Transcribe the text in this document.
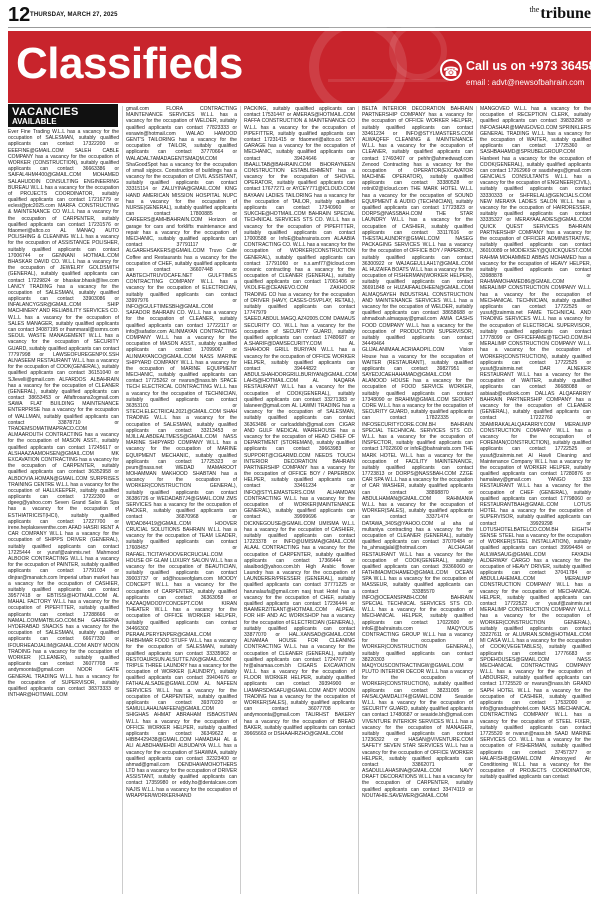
12 THURSDAY, MARCH 27, 2025
$^{the}$tribune
Classifieds	☎ Call us on +973 36458394
email : advt@newsofbahrain.com
VACANCIES
AVAILABLE

Ever Fine Trading W.L.L has a vacancy for the occupation of SALESMAN, suitably qualified applicants can contact 17322200 or EEEFINE@GMAIL.COM SALEH CABLE COMPANY has a vacancy for the occupation of WORKER (CONSTRUCTION), suitably qualified applicants can contact 36663386 or SAIFAL4HM4400@GMAIL.COM MOHAMED SALAHUDDIN CONSULTING ENGINEERING BUREAU W.L.L has a vacancy for the occupation of PROJECTS COORDINATOR, suitably qualified applicants can contact 17216779 or eclesi@ptc2025.com MARFA CONSTRUCTING & MAINTENANCE CO W.L.L has a vacancy for the occupation of CARPENTER, suitably qualified applicants can contact 17231576 or fdaomeri@altco.co AL MANAQ AUTO POLISHING & CLEANING W.L.L has a vacancy for the occupation of ASSISTANCE POLISHER, suitably qualified applicants can contact 17006744 or GENNANI HOTMAIL.COM BHASKAR DAVID CO. W.L.L has a vacancy for the occupation of JEWELRY GOLDSMITH (GENERAL), suitably qualified applicants can contact 17229824 or bhaskar.bhask@live.com LANCY TRADING has a vacancy for the occupation of SALESMAN, suitably qualified applicants can contact 33903086 or INFALANCYGSR@GMAIL.COM SHIP MACHINERY AND RELIABILITY SERVICES CO. W.L.L has a vacancy for the occupation of SALES MANAGER, suitably qualified applicants can contact 34087195 or ihammaral@ssmrs.com SEOUL WASTE MANAGEMENT W.L.L has a vacancy for the occupation of SECURITY GUARD, suitably qualified applicants can contact 77797998 or LAWSEOFUREGENPIX.SSH ALNASEEM RESTAURANT W.L.L has a vacancy for the occupation of COOK(GENERAL), suitably qualified applicants can contact 36151040 or SJlevelli@gmail.com ALFARDOS ALBAHRAIN has a vacancy for the occupation of CLEANER (GENERAL), suitably qualified applicants can contact 38653453 or Alfaftrosans2ogmail.com SAWA FLAT BUILDING MAINTENANCE ENTERPRISE has a vacancy for the occupation of WALLMAN, suitably qualified applicants can contact 33878710 or TRADEMSOMATIMAPRACO.COM ALMAAROUTH CONTRACTING has a vacancy for the occupation of MASON ASST., suitably qualified applicants can contact 17245617 or ALSHAAZAAMOHSEN@GMAIL.COM MK EXCAVATION CONTRACTING has a vacancy for the occupation of CARPENTER, suitably qualified applicants can contact 36352958 or ALBDOVIA.HOMAN@GMAIL.COM SURPRISES TRAINING CENTRE W.L.L has a vacancy for the occupation of HALLKEEPER, suitably qualified applicants can contact 17222300 or dgeeg@yahoo.com Seven Grand Salon & Spa has a vacancy for the occupation of ESTHIATRICIST(HCI), suitably qualified applicants can contact 17227700 or irene.heplakseventhe.com AFAD HASRI RENT A CAR COMPANY W.L.L has a vacancy for the occupation of SHIPPS DRIVER (GENERAL), suitably qualified applicants can contact 17225444 or yunsf@zainmis.net Mahmood ALBOOR CONTRACTING W.L.L has a vacancy for the occupation of PAINTER, suitably qualified applicants can contact 17791034 or dinjrar@manatch.com Imperial urban market has a vacancy for the occupation of CASHIER, suitably qualified applicants can contact 39577418 or EBTISSI@HOTMAIL.COM AL MAHAL FACTORY W.L.L has a vacancy for the occupation of PIPEFITTER, suitably qualified applicants can contact 17288666 or NAMAL.COMMATBLGO.COM.BH GAFEERNA HYDERABAD SNACKS has a vacancy for the occupation of SALESMAN, suitably qualified applicants can contact 66677330 or IFOURHEADJALIM@GMAIL.COM ANDY MOON TRADING has a vacancy for the occupation of WORKER (CLEANER), suitably qualified applicants can contact 36077708 or andymoonta@gmail.com NOOR GATE GENERAL TRADING W.L.L has a vacancy for the occupation of SUPERVISOR, suitably qualified applicants can contact 38373333 or INTHAR@HOTMAIL.COM

gmail.com FLORA CONTRACTING MAINTENANCE SERVICES W.L.L has a vacancy for the occupation of WELDER, suitably qualified applicants can contact 77823333 or esrawin@hotmail.com WALAD HAMOOD GENT'S TAILORING has a vacancy for the occupation of TAILOR, suitably qualified applicants can contact 37770664 or WALADAL7AMADAGENTSMAQM.COM ShaGoodSpot has a vacancy for the occupation of small sipjocs. Construction of buildings has a vacancy for the occupation of CIVIL ASSISTANT, suitably qualified applicants can contact 33315114 or ZALUYINA@GMAIL.COM KING HAND AMERICAN MISSION HOSPITAL NUPC has a vacancy for the occupation of NURSE(GENERAL), suitably qualified applicants can contact 17800885 or CAREERS@AMHBAHRAIN.COM Horizon oil garage for cars and forklifts maintenance and repair has a vacancy for the occupation of MECHANIC, suitably qualified applicants can contact 37791117 or ALGAREHSAKERS@GMAIL.COM Truvo Cafe Coffee and Restaurants has a vacancy for the occupation of CHEF, suitably qualified applicants can contact 36607448 or AABTECHTRUVOCAFE.NET GULFTIMES CONTRACTING COMPANY W.L.L has a vacancy for the occupation of ELECTRICIAN, suitably qualified applicants can contact 33997976 or INFO@GULFTIMESBH@GMAIL.COM SAFADOR BAHRAIN CO. W.L.L has a vacancy for the occupation of CLEANER, suitably qualified applicants can contact 17722117 or info@safador.com ALINMAYAN CONTRACTING COMPANY W.L.L has a vacancy for the occupation of MASON ASST., suitably qualified applicants can contact 17099067 or ALINMAYANCO@GMAIL.COM NASS MARINE SHIPYARD COMPANY W.L.L has a vacancy for the occupation of MARINE EQUIPMENT MECHANIC, suitably qualified applicants can contact 17725262 or nvarun@nass.bh SPACE TECH ELECTRICAL CONTRACTING W.L.L has a vacancy for the occupation of TECHNICIAN, suitably qualified applicants can contact 36353101 or STECH.ELECTRICAL2021@GMAIL.COM SHAH TRADING W.L.L has a vacancy for the occupation of SALESMAN, suitably qualified applicants can contact 33213453 or MJILLALABDEALTMESS@GMAIL.COM NASS MARINE SHIPYARD COMPANY W.L.L has a vacancy for the occupation of MARINE EQUIPMENT MECHANIC, suitably qualified applicants can contact 17725323 or pvum@nass.net WEDAD MAMAROOT MOHAMMAN MAKHOOD SHABTAN has a vacancy for the occupation of WORKER(CONSTRUCTION GENERAL), suitably qualified applicants can contact 36386726 or WEDADAB7J4@GMAIL.COM ZMS SERVICES has a vacancy for the occupation of PACKER, suitably qualified applicants can contact 36870968 or WIDAD84419@GMAIL.COM HOOVER CRUCIAL SOLUTIONS BAHRAIN W.L.L has a vacancy for the occupation of TEAM LEADER, suitably qualified applicants can contact 17608457 or RAFAEL.TICITAYHOOVERCRUCIAL.COM HOUSE OF GLAM LUXURY SALON W.L.L has a vacancy for the occupation of BEAUTICIAN, suitably qualified applicants can contact 39003737 or sd@houseofglam.com MOODY CONCEPT W.L.L has a vacancy for the occupation of CARPENTER, suitably qualified applicants can contact 36363058 or KAZAAQMOODYCONCEPT.COM KIRAN THEATER W.L.L has a vacancy for the occupation of OFFICE WORKER HELPER, suitably qualified applicants can contact 34466302 or PERAALPERYENPER@GMAIL.COM RHIBHMAR FOOD STUFF W.L.L has a vacancy for the occupation of SALESMAN, suitably qualified applicants can contact 33335962 or RESTOAURSUN.ALSUTTE.NX@GMAIL.COM TRIPLE THREE LAUNDRY has a vacancy for the occupation of WORKER (LAUNDRY), suitably qualified applicants can contact 39404676 or FATHALALSADE@GMAIL.COM AL NAFEEN SERVICES W.L.L has a vacancy for the occupation of CARPENTER, suitably qualified applicants can contact 39370220 or SAMULLAHALNAFEEN@GMAIL.COM SHIGHAS AHMAT ABRAHAM ISBAOSTIAN W.L.L has a vacancy for the occupation of OFFICE WORKER HELPER, suitably qualified applicants can contact 36349622 or HIBB4429438@GMAIL.COM HAMADAH AL & ALI ALABDHAMEHDI ALBUDAIYA W.L.L has a vacancy for the occupation of SHAWMA, suitably qualified applicants can contact 32323400 or ahmad@gmail.com DENDHAIAMOHOTHERS LTD has a vacancy for the occupation of DRIVER ASSISTANT, suitably qualified applicants can contact 17359980 or eddy.ho@dentalcare.com NAJIS W.L.L has a vacancy for the occupation of WRAPPER/WORKER/HAND

PACKING, suitably qualified applicants can contact 17531447 or AMERAS@HOTMAIL.COM RAFFA CONSTRUCTION & MAINTENANCE CO W.L.L has a vacancy for the occupation of PIPEFITTER, suitably qualified applicants can contact 17231415 or fdaomeri@altco.co SKY GARAGE has a vacancy for the occupation of MECHANIC, suitably qualified applicants can contact 39424646 or IBAALLTAB@BAHRAIN.COM BHORAYNEEN CONSTRUCTION ESTABLISHMENT has a vacancy for the occupation of SHOVEL OPERATOR, suitably qualified applicants can contact 17677271 or AYCEY771@ICLOUD.COM BAYAAN LADIES TAILORING has a vacancy for the occupation of TAILOR, suitably qualified applicants can contact 17340960 or SUKCHE@HOTMAIL.COM BAHRAIN SPECIAL TECHNICAL SERVICES STS CO. W.L.L has a vacancy for the occupation of PIPEFITTER, suitably qualified applicants can contact 17000588 or InfoE@bahrainsts.com ALAABIA CONTRACTING CO. W.L.L has a vacancy for the occupation of WORKER(CONSTRUCTION GENERAL), suitably qualified applicants can contact 17791060 or n.s.amf77@icloud.com oceanic contracting has a vacancy for the occupation of CLEANER (GENERAL), suitably qualified applicants can contact 17061406 or VKOLIFE@CEANEVO.COM ZAKHOOR TRADING CO has a vacancy for the occupation of DRIVER (HAVY, CASES-OSVPLAY, RETAIL), suitably qualified applicants can contact 17747979 or SAEED.ABDUL.MAGQ.AZ42005.COM DAMAUS SECURITY CO. W.L.L has a vacancy for the occupation of SECURITY GUARD, suitably qualified applicants can contact 17480687 or A.SHARIF@DAMSECURITY.COM AL SHAHOOR GRILL BURIYAN W.L.L has a vacancy for the occupation of OFFICE WORKER HELPER, suitably qualified applicants can contact 39444822 or ABDULSHAHOORGRILLBURIYAN@GMAIL.COM LAHS@HOTMAIL.COM AL NAQARA RESTAURANT W.L.L has a vacancy for the occupation of COOK(GENERAL), suitably qualified applicants can contact 33271383 or lalaneer@gmail.com AL LAWMI TRADING has a vacancy for the occupation of SALESMAN, suitably qualified applicants can contact 36363486 or carlcaddish@gmail.com CIGAR AND GULF MEDICAL WAREHOUSE has a vacancy for the occupation of HEAD CHIEF OF DEPARTMENT (STOREMAN), suitably qualified applicants can contact 39663983 or SUPPORT@CIGARMD.COM NEEDS TOUCH INTERIOR DECORATION BAHRAIN PARTNERSHIP COMPANY has a vacancy for the occupation of OFFICE BOY / PAPERBOX HELPER, suitably qualified applicants can contact 33461234 or INFO@STYLEMASTERS.COM ALHAMDAN CONTRACTING W.L.L has a vacancy for the occupation of WORKER(MAINTENANCE GENERAL), suitably qualified applicants can contact 39999696 or DICKNEGOUSE@GMAIL.COM UMISMA W.L.L has a vacancy for the occupation of CASHIER, suitably qualified applicants can contact 17223378 or INFO@UMISMA@GMAIL.COM ALAAL CONTRACTING has a vacancy for the occupation of CARPENTER, suitably qualified applicants can contact 17366444 or alaalbod@yahoo.com.bh High Arabic flower Laundry has a vacancy for the occupation of LAUNDERER/PRESSER (GENERAL), suitably qualified applicants can contact 37771225 or harunalaufa@gmail.com nasj trust Hotel has a vacancy for the occupation of CHEF, suitably qualified applicants can contact 17236444 or BAAMERZITEANT@HOTMAIL.COM ALPEAL FOR HIF AND AC WORKSHOP has a vacancy for the occupation of ELECTRICIAN (GENERAL), suitably qualified applicants can contact 33877070 or HAL.XANSAD@GMAIL.COM ALNAMAA HOUSE FOR CLEANING CONTRACTING W.L.L has a vacancy for the occupation of CLEANER (GENERAL), suitably qualified applicants can contact 17247077 or hr@alnamaa.com.bh CIGARS EXCAVATION W.L.L has a vacancy for the occupation of FLOOR WORKER HELPER, suitably qualified applicants can contact 39394900 or LIAMARSDASAFU@GMAIL.COM ANDY MOON TRADING has a vacancy for the occupation of WORKER(SALES), suitably qualified applicants can contact 36077708 or andymoonta@gmail.com TALIRHST BAKERY has a vacancy for the occupation of BREAD BAKER, suitably qualified applicants can contact 39665663 or DSHAAHRZHO@GMAIL.COM

BELTA INTERIOR DECORATION BAHRAIN PARTNERSHIP COMPANY has a vacancy for the occupation of OFFICE WORKER HELPER, suitably qualified applicants can contact 33461234 or INFO@STYLMASTERS.COM ALWAQFEF CLEANING & MAINTENANCE W.L.L has a vacancy for the occupation of CLEANER, suitably qualified applicants can contact 17493407 or pehhr@ahmedwaqf.com Zenood Contracting has a vacancy for the occupation of OPERATOR(EXCAVATOR MACHINE OPERATOR), suitably qualified applicants can contact 33380528 or rotini02@icloud.com THE MARK HOTEL W.L.L has a vacancy for the occupation of SOUND EQUIPMENT & AUDIO (TECHNICIAN), suitably qualified applicants can contact 17723823 or DORPS@NASSBAH.COM THE STAR LAUNDRY W.L.L has a vacancy for the occupation of CASHIER, suitably qualified applicants can contact 33117616 or THESTALAUNDRY@GMAIL.COM NASEG PACKAGING SERVICES W.L.L has a vacancy for the occupation of OFFICE BOY / PAPERBOX, suitably qualified applicants can contact 36300922 or WAJAGEULLAH17@GMAIL.COM AL HUZAIFA BOATS W.L.L has a vacancy for the occupation of FISHERMAN(WORKER HELPER), suitably qualified applicants can contact 36691848 or HUZAIFAALDHEEN@GMAIL.COM ALMAQSAYEH INDUSTRIAL CONSTRUCTION AND MAINTENANCE SERVICES W.L.L has a vacancy for the occupation of WELDER, suitably qualified applicants can contact 38658688 or ahmadxah.almaqsay@gmail.com AMIA CASHS FOOD COMPANY W.L.L has a vacancy for the occupation of PRODUCTION SUPERVISOR, suitably qualified applicants can contact 34449464 or GLIJALANIMAALACRIAAOPIL.COM Vision House has a vacancy for the occupation of WAITER (RESTAURANT), suitably qualified applicants can contact 39827951 or SAYEDJCAEHAHAMAD@GMAIL.COM ALANOOD HOUSE has a vacancy for the occupation of FOOD SERVICE WORKER, suitably qualified applicants can contact 17348090 or BRAHIM@GMAIL.COM SEOURY CORE W.L.L has a vacancy for the occupation of SECURITY GUARD, suitably qualified applicants can contact 17822335 or INFOSECURITYCORE.COM.BH BAHRAIN SPECIAL TECHNICAL SERVICES STS CO. W.L.L has a vacancy for the occupation of INSPECTOR, suitably qualified applicants can contact 17022600 or infoE@bahrainsts.com THE MARK HOTEL W.L.L has a vacancy for the occupation of FACILITY MAINTENANCE, suitably qualified applicants can contact 17723813 or DORPS@NASSBAH.COM ZZGE CAR SPA W.L.L has a vacancy for the occupation of CAR WASHER, suitably qualified applicants can contact 38898870 or ABDULHAMAN@GMAIL.COM RAHMANIA W.L.L has a vacancy for the occupation of WORKER(SALES), suitably qualified applicants can contact 33371474 or DATAWA_340S@YAHOO.COM al aha al multaniya contracting has a vacancy for the occupation of CLEANER (GENERAL), suitably qualified applicants can contact 37070484 or hs_ahmaqjalal@hotmail.com ALCHAGM RESTAURANT W.L.L has a vacancy for the occupation of COOK(GENERAL), suitably qualified applicants can contact 39366060 or FATHIMAOMOHAMED@GMAIL.COM OCEAN SPA W.L.L has a vacancy for the occupation of MASSEUR, suitably qualified applicants can contact 33385570 or INFO@OCEANSPABH.COM BAHRAIN SPECIAL TECHNICAL SERVICES STS CO. W.L.L has a vacancy for the occupation of MECHANICAL HELPER, suitably qualified applicants can contact 17022600 or infoE@bahrainsts.com MAQYOUS CONTRACTING GROUP W.L.L has a vacancy for the occupation of WORKER(CONSTRUCTION GENERAL), suitably qualified applicants can contact 38220303 or MAQYOUSCONTRACTINGW@GMAIL.COM PLUTO INTERIOR DECOR W.L.L has a vacancy for the occupation of WORKER(CONSTRUCTION), suitably qualified applicants can contact 38231005 or FAISALQAMDALI74@GMAIL.COM Seaside W.L.L has a vacancy for the occupation of SECURITY GUARD, suitably qualified applicants can contact 17480687 or seaside.bh@gmail.com VIVENTURE INTERIOR SERVICES W.L.L has a vacancy for the occupation of MANAGER, suitably qualified applicants can contact 17236322 or HASAN@VIVENTURE.COM SAFETY SEVEN STAR SERVICES W.L.L has a vacancy for the occupation of OFFICE WORKER HELPER, suitably qualified applicants can contact 33862071 or ASADULLAHASINA@GMAIL.COM NAVY DRAFT DECORATIONS W.L.L has a vacancy for the occupation of CARPENTER, suitably qualified applicants can contact 33474119 or NOUTAHIE.SAVEWER@GMAIL.COM

MANGOVEO W.L.L has a vacancy for the occupation of RECEPTION CLERK, suitably qualified applicants can contact 39833298 or INFOASHAR@MANGOVEO.COM SPRINKLERS GENERAL TRADING W.L.L has a vacancy for the occupation of WAITER, suitably qualified applicants can contact 17725360 or SASHBAHAMD@SPRUBELGROUP.COM Hanbeet has a vacancy for the occupation of COOK(GENERAL), suitably qualified applicants can contact 17262969 or saudshegs@gmail.com GENCIALS CONSULTANTS W.L.L has a vacancy for the occupation of ENGINEER(CIVIL), suitably qualified applicants can contact 33330333 or SHFRELALI@GENCIALS.COM NEW MERAYA LADIES SALON W.L.L has a vacancy for the occupation of HAIRDRESSER, suitably qualified applicants can contact 33335327 or MERAYAALADIES@GMAIL.COM QUICK QUEST SERVICES BAHRAIN PARTNERSHIP COMPANY has a vacancy for the occupation of OFFICER ADMINISTRATIVE, suitably qualified applicants can contact 36010089 or MODIEXSEY@QUICKQUEST.COM RAHMA MOHAMMED ABBAS MOHAMED has a vacancy for the occupation of HEAVY HELPER, suitably qualified applicants can contact 33988878 or RAHMAMOHAMED86@GMAIL.COM MERALIMP CONSTRUCTION COMPANY W.L.L has a vacancy for the occupation of MECHANICAL TECHNICIAN, suitably qualified applicants can contact 17722525 or yusuf@zainmis.net FAME TECHNICAL AND TRADING SERVICES W.L.L has a vacancy for the occupation of ELECTRICAL SUPERVISOR, suitably qualified applicants can contact 17778099 or OFFICEFAME@TECHO.COM.BH MERALIMP CONSTRUCTION COMPANY W.L.L has a vacancy for the occupation of WORKER(CONSTRUCTION), suitably qualified applicants can contact 17722525 or yusuf@zainmis.net DAR ALNEKER RESTAURANT W.L.L has a vacancy for the occupation of WAITER, suitably qualified applicants can contact 36688088 or asbiaab@outlook.com DALLAS ALQAFARRIY BAHRAIN PARTNERSHIP COMPANY has a vacancy for the occupation of CLEANER (GENERAL), suitably qualified applicants can contact 17222760 or 30AMIRAKALALQAFARRIY.COM MERALIMP CONSTRUCTION COMPANY W.L.L has a vacancy for the occupation of FOREMAN(CONSTRUCTION), suitably qualified applicants can contact 17722525 or yusuf@zainmis.net Al Hawli Cleaning and Maintenance Company W.L.L has a vacancy for the occupation of WORKER HELPER, suitably qualified applicants can contact 17280876 or hamalawy@gmail.com YANGO 333 RESTAURANT W.L.L has a vacancy for the occupation of CHEF (GENERAL), suitably qualified applicants can contact 17798060 or RESTAURANTBAH@GMAIL.COM LOTUS HOTEL has a vacancy for the occupation of SUPERVISOR, suitably qualified applicants can contact 39929298 or LOTUSHOTELBATELCO.COM.BH EIGHTH SENSE STEEL has a vacancy for the occupation of WORKER(STEEL INSTALLATION), suitably qualified applicants can contact 39994484 or AULWASAUG@GMAIL.COM FAYADH ALDERWAY CARGO has a vacancy for the occupation of HEAVY DRIVER, suitably qualified applicants can contact 37041784 or ABDULLAHEMAIL.COM MERALIMP CONSTRUCTION COMPANY W.L.L has a vacancy for the occupation of MECHANICAL HELPER, suitably qualified applicants can contact 17722522 or yusuf@zainmis.net MERALIMP CONSTRUCTION COMPANY W.L.L has a vacancy for the occupation of WORKER(CONSTRUCTION GENERAL), suitably qualified applicants can contact 33227611 or ALUMRAN.SOM@HOTMAIL.COM MI CASA W.L.L has a vacancy for the occupation of COOK(VEGETABLES), suitably qualified applicants can contact 17776683 or SPOEHOUSES@GMAIL.COM NASS MECHANICAL CONTRACTING COMPANY W.L.L has a vacancy for the occupation of LABOURER, suitably qualified applicants can contact 17725520 or nvarun@nass.bh GRAND SAPH HOTEL W.L.L has a vacancy for the occupation of CASHIER, suitably qualified applicants can contact 17532000 or info@grandsaphhotel.com NASS MECHANICAL CONTRACTING COMPANY W.L.L has a vacancy for the occupation of STEEL FIXER, suitably qualified applicants can contact 17725520 or nvarun@nass.bh SAAD MARINE SERVICES CO. W.L.L has a vacancy for the occupation of FISHERMAN, suitably qualified applicants can contact 37457377 or HALAFISH8@GMAIL.COM Almooyyed Air Conditioning W.L.L has a vacancy for the occupation of PROJECTS COORDINATOR, suitably qualified applicants can contact
